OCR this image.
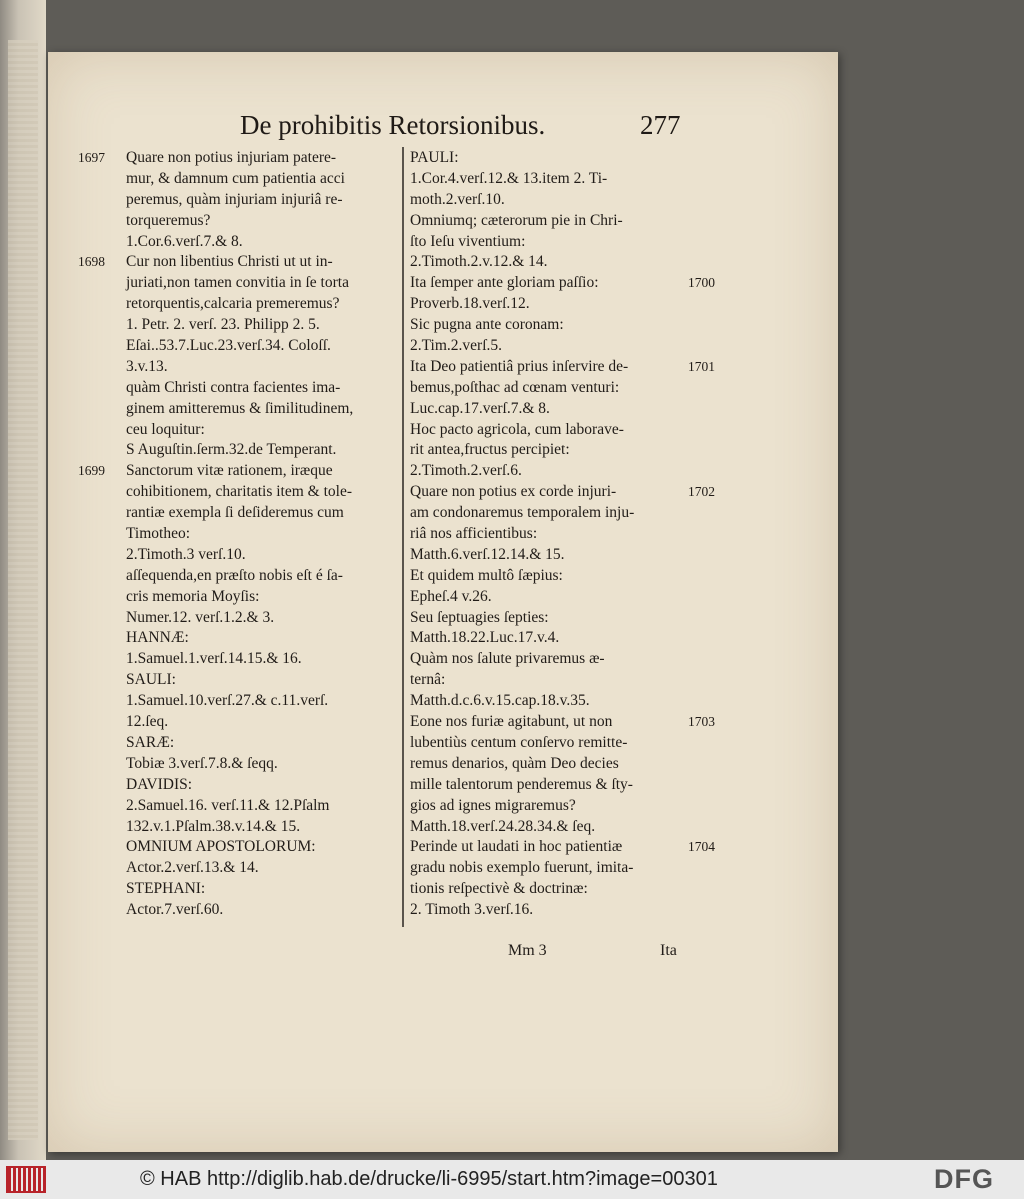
De prohibitis Retorsionibus.	277
1697 Quare non potius injuriam patere-
mur, & damnum cum patientia acci
peremus, quàm injuriam injuriâ re-
torqueremus?
1.Cor.6.verſ.7.& 8.
1698 Cur non libentius Christi ut ut in-
juriati,non tamen convitia in ſe torta
retorquentis,calcaria premeremus?
1. Petr. 2. verſ. 23. Philipp 2. 5.
Eſai..53.7.Luc.23.verſ.34. Coloſſ.
3.v.13.
quàm Christi contra facientes ima-
ginem amitteremus & ſimilitudinem,
ceu loquitur:
S Auguſtin.ſerm.32.de Temperant.
1699 Sanctorum vitæ rationem, iræque
cohibitionem, charitatis item & tole-
rantiæ exempla ſi deſideremus cum
Timotheo:
2.Timoth.3 verſ.10.
aſſequenda,en præſto nobis eſt é ſa-
cris memoria Moyſis:
Numer.12. verſ.1.2.& 3.
HANNÆ:
1.Samuel.1.verſ.14.15.& 16.
SAULI:
1.Samuel.10.verſ.27.& c.11.verſ.
12.ſeq.
SARÆ:
Tobiæ 3.verſ.7.8.& ſeqq.
DAVIDIS:
2.Samuel.16. verſ.11.& 12.Pſalm
132.v.1.Pſalm.38.v.14.& 15.
OMNIUM APOSTOLORUM:
Actor.2.verſ.13.& 14.
STEPHANI:
Actor.7.verſ.60.
PAULI:
1.Cor.4.verſ.12.& 13.item 2. Ti-
moth.2.verſ.10.
Omniumq; cæterorum pie in Chri-
ſto Ieſu viventium:
2.Timoth.2.v.12.& 14.
1700
Ita ſemper ante gloriam paſſio:
Proverb.18.verſ.12.
Sic pugna ante coronam:
2.Tim.2.verſ.5.
1701
Ita Deo patientiâ prius inſervire de-
bemus,poſthac ad cœnam venturi:
Luc.cap.17.verſ.7.& 8.
Hoc pacto agricola, cum laborave-
rit antea,fructus percipiet:
2.Timoth.2.verſ.6.
1702
Quare non potius ex corde injuri-
am condonaremus temporalem inju-
riâ nos afficientibus:
Matth.6.verſ.12.14.& 15.
Et quidem multô ſæpius:
Epheſ.4 v.26.
Seu ſeptuagies ſepties:
Matth.18.22.Luc.17.v.4.
Quàm nos ſalute privaremus æ-
ternâ:
Matth.d.c.6.v.15.cap.18.v.35.
1703
Eone nos furiæ agitabunt, ut non
lubentiùs centum conſervo remitte-
remus denarios, quàm Deo decies
mille talentorum penderemus & ſty-
gios ad ignes migraremus?
Matth.18.verſ.24.28.34.& ſeq.
1704
Perinde ut laudati in hoc patientiæ
gradu nobis exemplo fuerunt, imita-
tionis reſpectivè & doctrinæ:
2. Timoth 3.verſ.16.
Mm 3	Ita
© HAB http://diglib.hab.de/drucke/li-6995/start.htm?image=00301	DFG
